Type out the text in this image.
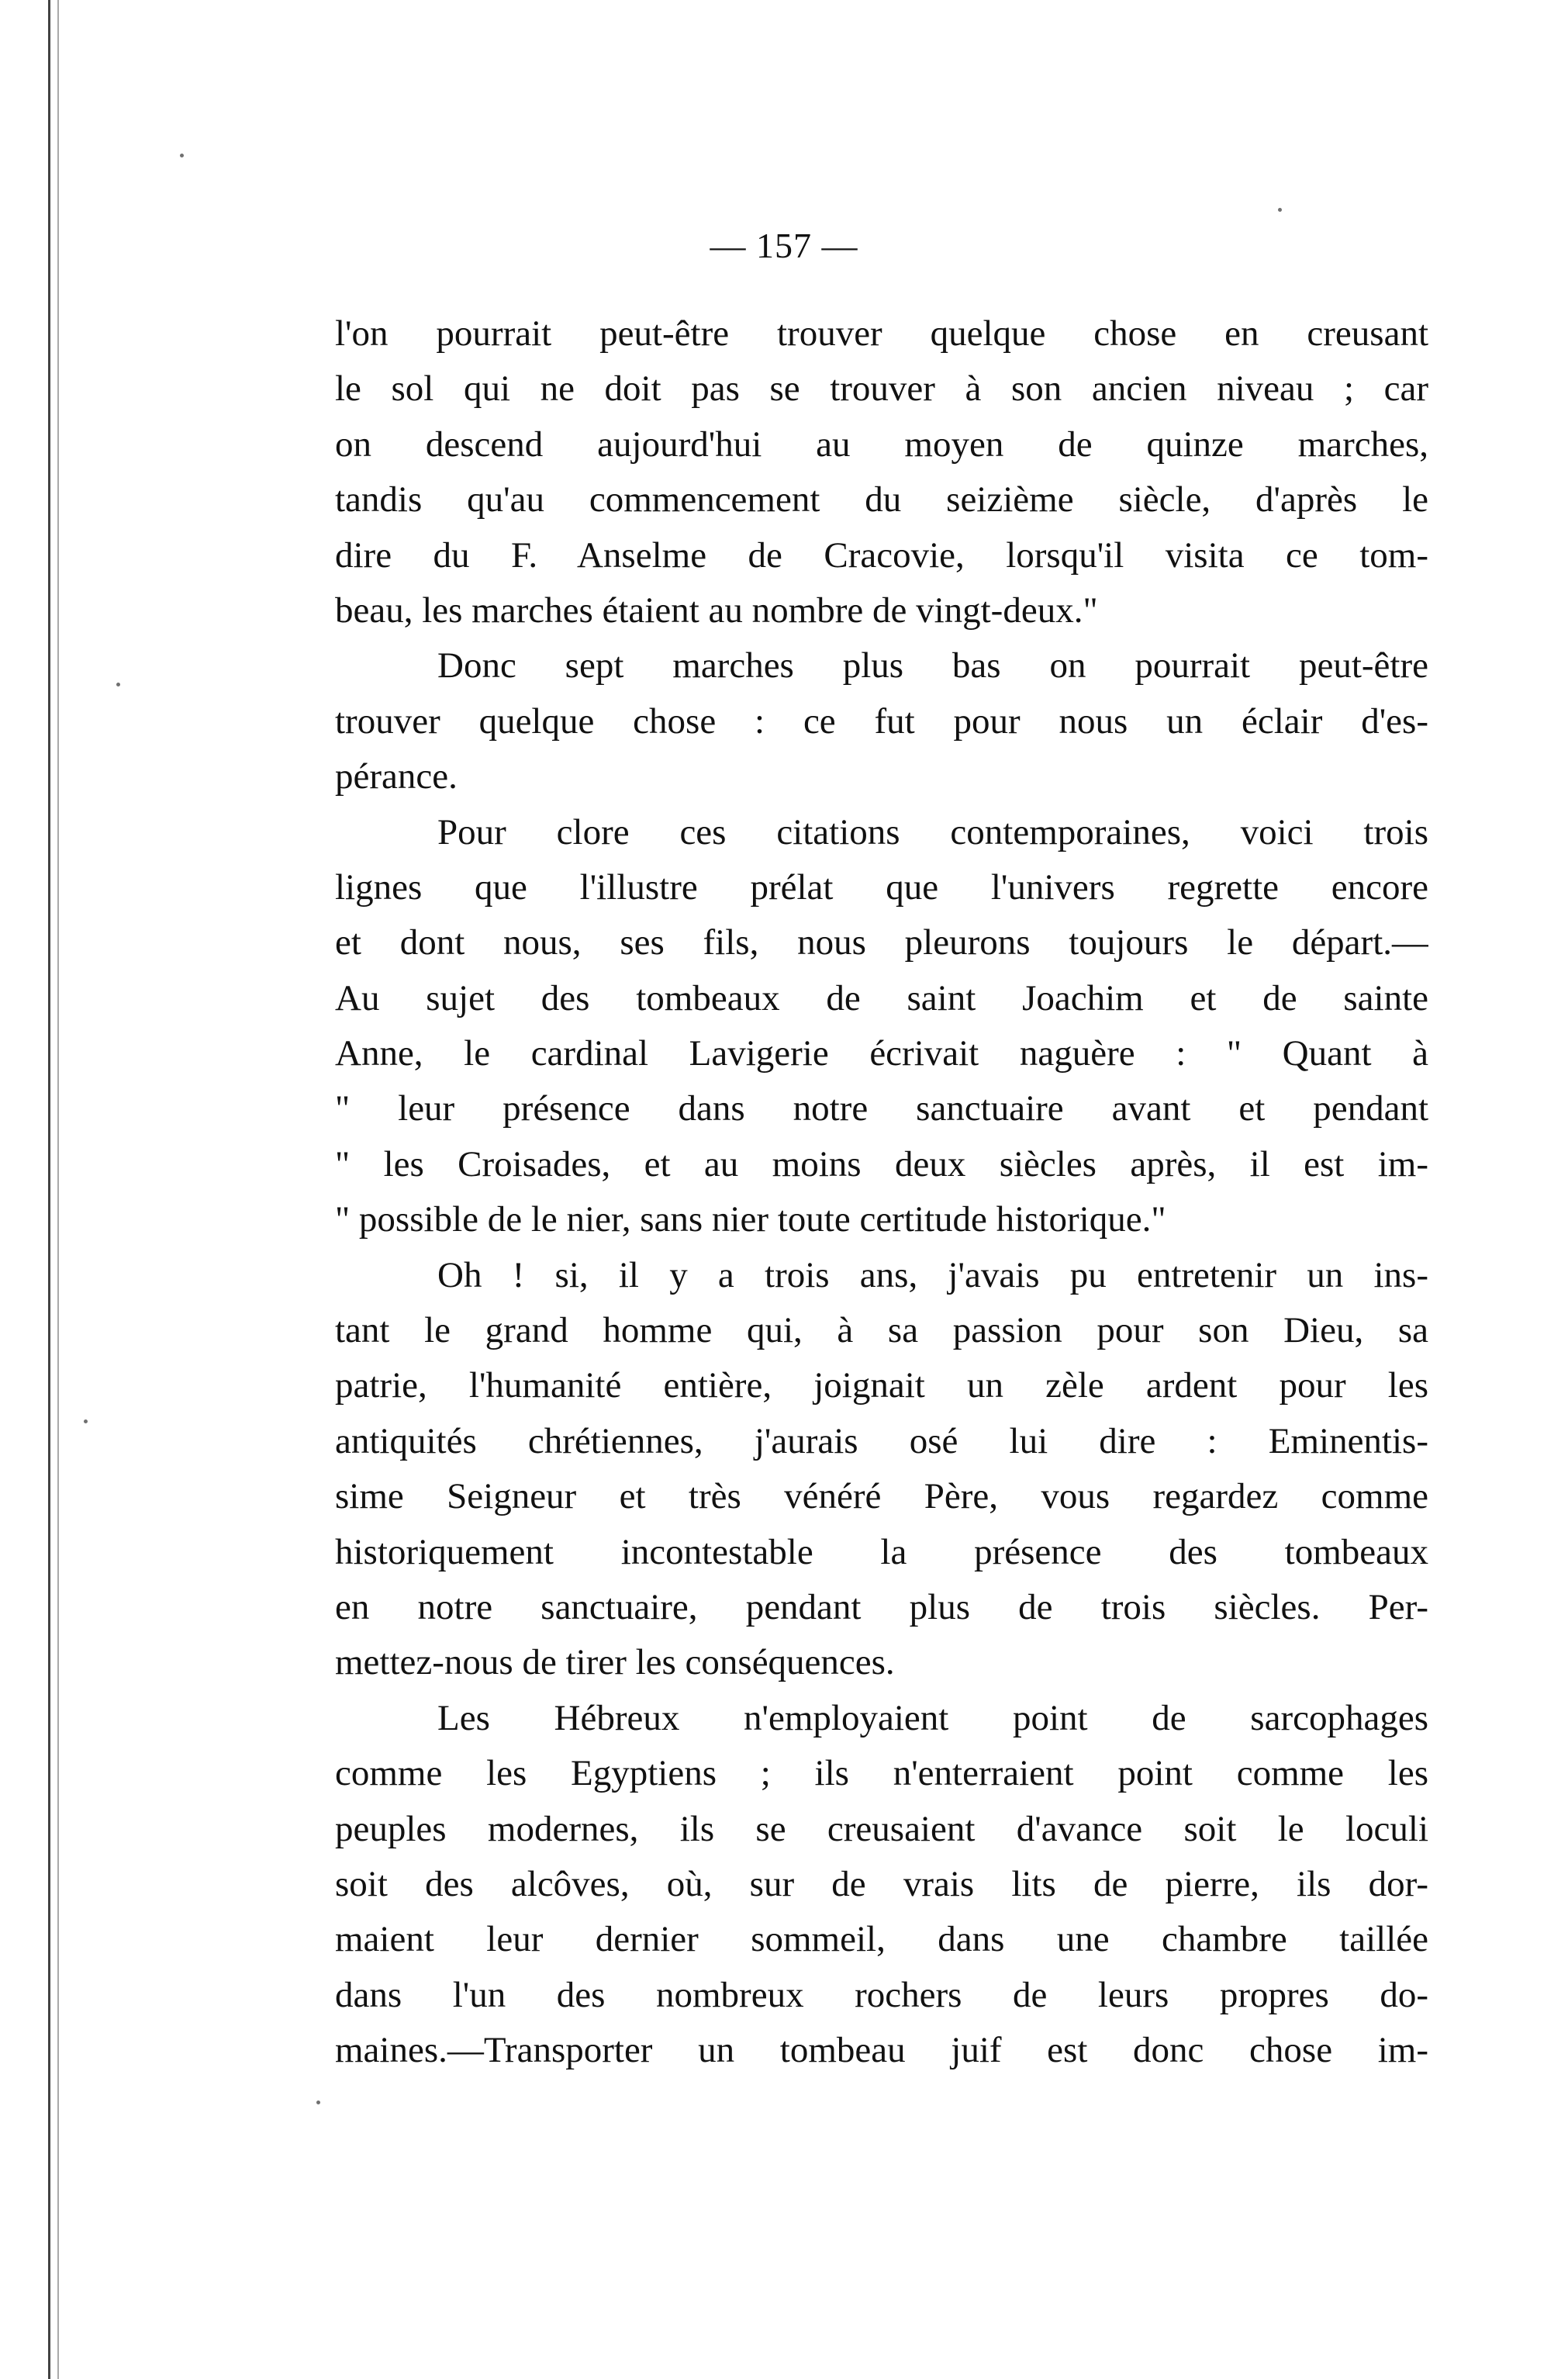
— 157 —
l'on pourrait peut-être trouver quelque chose en creusant
le sol qui ne doit pas se trouver à son ancien niveau ; car
on descend aujourd'hui au moyen de quinze marches,
tandis qu'au commencement du seizième siècle, d'après le
dire du F. Anselme de Cracovie, lorsqu'il visita ce tom-
beau, les marches étaient au nombre de vingt-deux."
Donc sept marches plus bas on pourrait peut-être
trouver quelque chose : ce fut pour nous un éclair d'es-
pérance.
Pour clore ces citations contemporaines, voici trois
lignes que l'illustre prélat que l'univers regrette encore
et dont nous, ses fils, nous pleurons toujours le départ.—
Au sujet des tombeaux de saint Joachim et de sainte
Anne, le cardinal Lavigerie écrivait naguère : " Quant à
" leur présence dans notre sanctuaire avant et pendant
" les Croisades, et au moins deux siècles après, il est im-
" possible de le nier, sans nier toute certitude historique."
Oh ! si, il y a trois ans, j'avais pu entretenir un ins-
tant le grand homme qui, à sa passion pour son Dieu, sa
patrie, l'humanité entière, joignait un zèle ardent pour les
antiquités chrétiennes, j'aurais osé lui dire : Eminentis-
sime Seigneur et très vénéré Père, vous regardez comme
historiquement incontestable la présence des tombeaux
en notre sanctuaire, pendant plus de trois siècles. Per-
mettez-nous de tirer les conséquences.
Les Hébreux n'employaient point de sarcophages
comme les Egyptiens ; ils n'enterraient point comme les
peuples modernes, ils se creusaient d'avance soit le loculi
soit des alcôves, où, sur de vrais lits de pierre, ils dor-
maient leur dernier sommeil, dans une chambre taillée
dans l'un des nombreux rochers de leurs propres do-
maines.—Transporter un tombeau juif est donc chose im-
